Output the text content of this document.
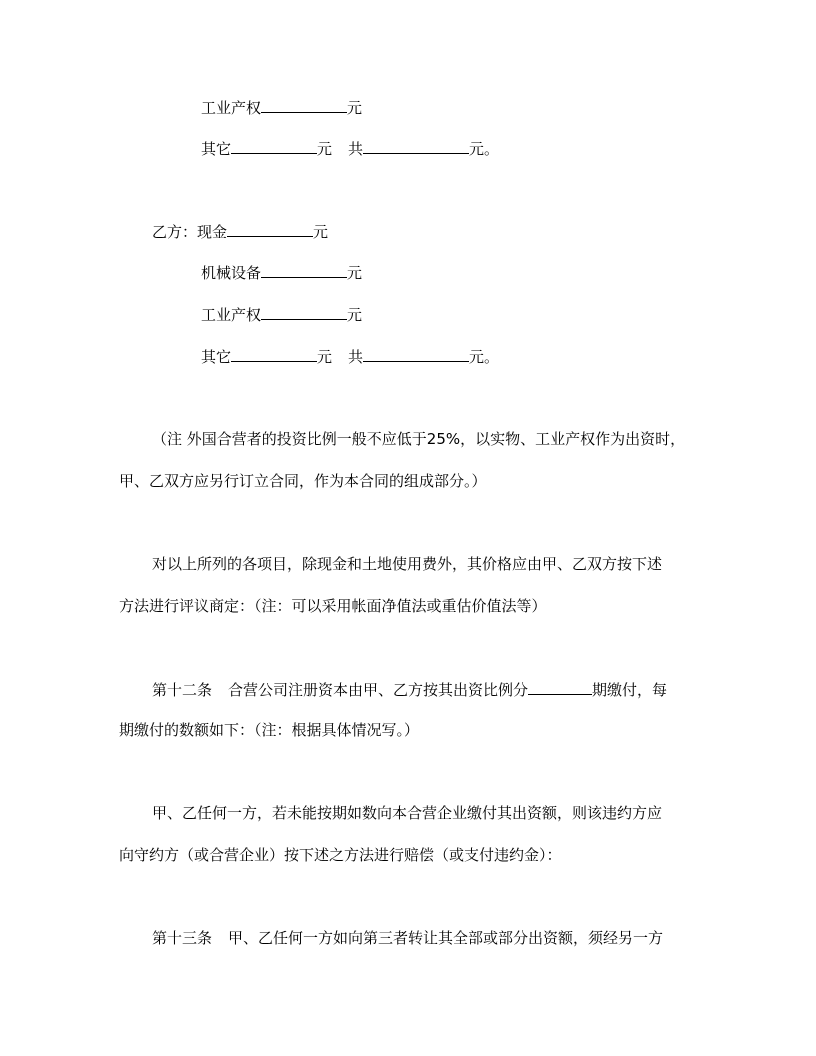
工业产权	元
其它	元 共	元。
乙方：现金	元
机械设备	元
工业产权	元
其它	元 共	元。
（注 外国合营者的投资比例一般不应低于25%，以实物、工业产权作为出资时，
甲、乙双方应另行订立合同，作为本合同的组成部分。）
对以上所列的各项目，除现金和土地使用费外，其价格应由甲、乙双方按下述
方法进行评议商定：（注：可以采用帐面净值法或重估价值法等）
第十二条 合营公司注册资本由甲、乙方按其出资比例分	期缴付，每
期缴付的数额如下：（注：根据具体情况写。）
甲、乙任何一方，若未能按期如数向本合营企业缴付其出资额，则该违约方应
向守约方（或合营企业）按下述之方法进行赔偿（或支付违约金）：
第十三条 甲、乙任何一方如向第三者转让其全部或部分出资额，须经另一方
